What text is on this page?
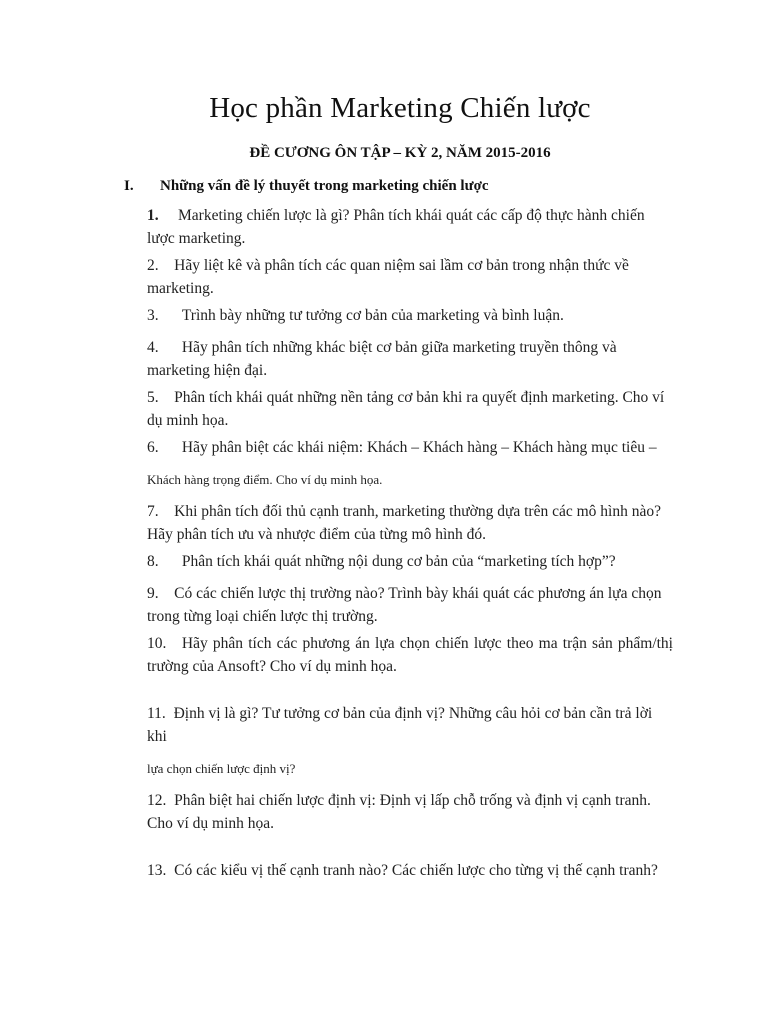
Học phần Marketing Chiến lược
ĐỀ CƯƠNG ÔN TẬP – KỲ 2, NĂM 2015-2016
I. Những vấn đề lý thuyết trong marketing chiến lược

1. Marketing chiến lược là gì? Phân tích khái quát các cấp độ thực hành chiến lược marketing.

2. Hãy liệt kê và phân tích các quan niệm sai lầm cơ bản trong nhận thức về marketing.

3. Trình bày những tư tưởng cơ bản của marketing và bình luận.

4. Hãy phân tích những khác biệt cơ bản giữa marketing truyền thông và marketing hiện đại.

5. Phân tích khái quát những nền tảng cơ bản khi ra quyết định marketing. Cho ví dụ minh họa.

6. Hãy phân biệt các khái niệm: Khách – Khách hàng – Khách hàng mục tiêu –

Khách hàng trọng điểm. Cho ví dụ minh họa.

7. Khi phân tích đối thủ cạnh tranh, marketing thường dựa trên các mô hình nào? Hãy phân tích ưu và nhược điểm của từng mô hình đó.

8. Phân tích khái quát những nội dung cơ bản của “marketing tích hợp”?

9. Có các chiến lược thị trường nào? Trình bày khái quát các phương án lựa chọn trong từng loại chiến lược thị trường.

10. Hãy phân tích các phương án lựa chọn chiến lược theo ma trận sản phẩm/thị trường của Ansoft? Cho ví dụ minh họa.

11. Định vị là gì? Tư tưởng cơ bản của định vị? Những câu hỏi cơ bản cần trả lời khi

lựa chọn chiến lược định vị?

12. Phân biệt hai chiến lược định vị: Định vị lấp chỗ trống và định vị cạnh tranh. Cho ví dụ minh họa.

13. Có các kiểu vị thế cạnh tranh nào? Các chiến lược cho từng vị thế cạnh tranh?
